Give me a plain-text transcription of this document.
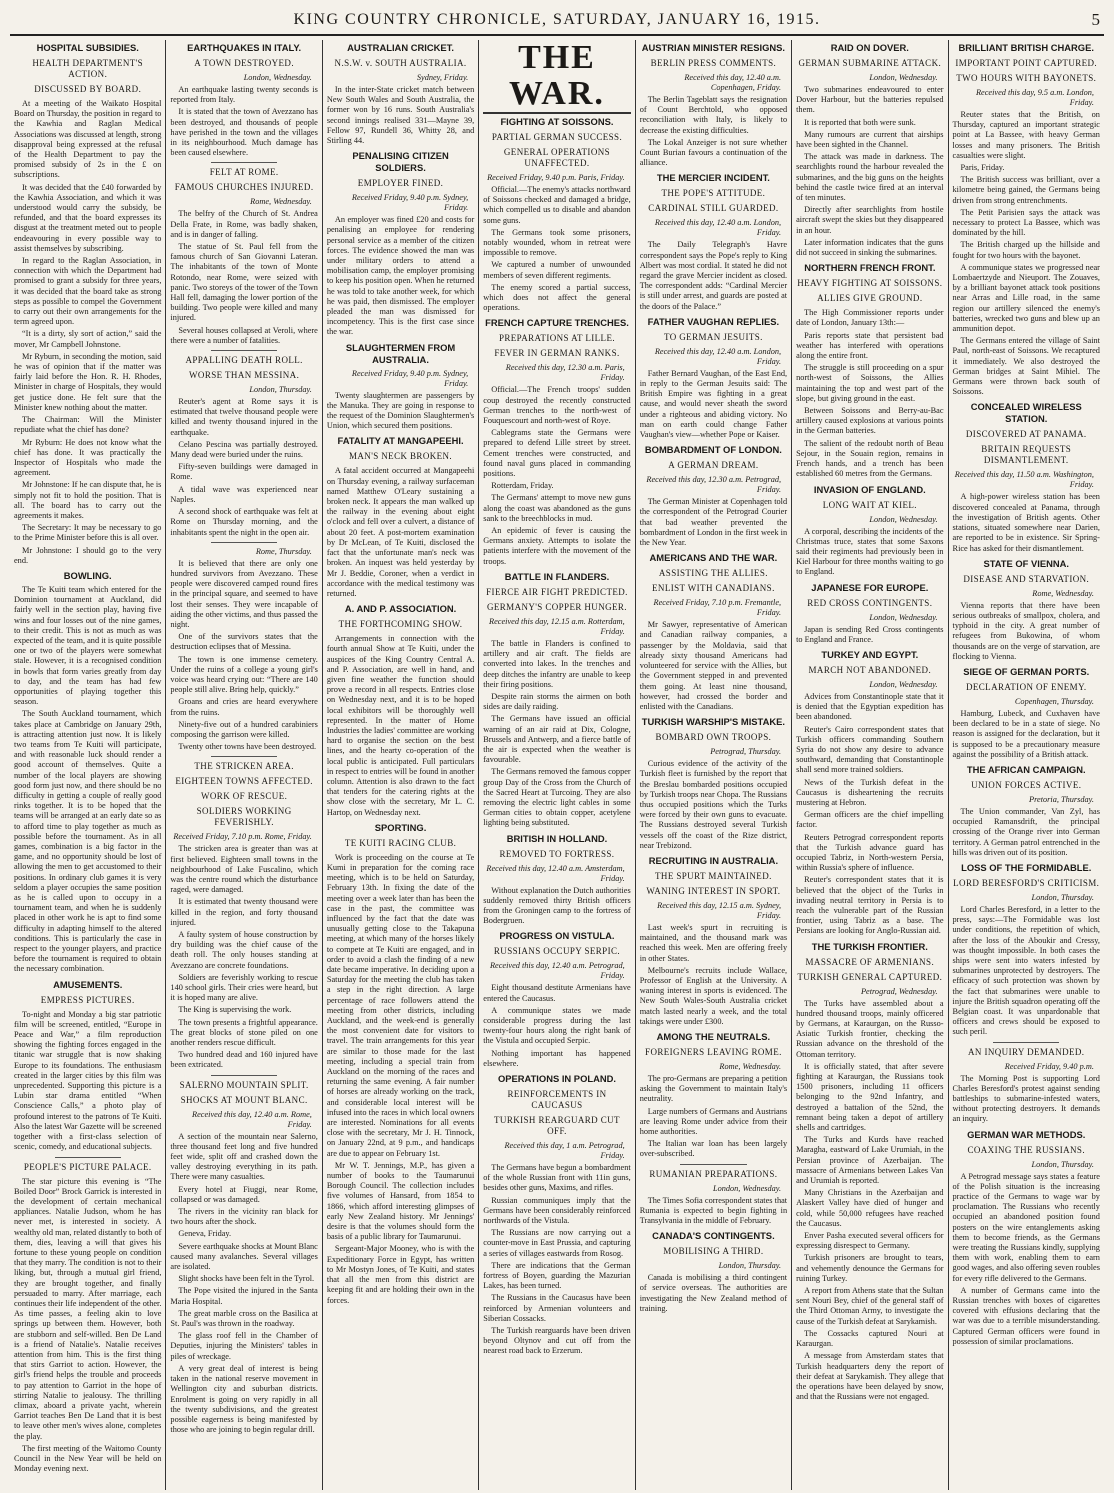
KING COUNTRY CHRONICLE, SATURDAY, JANUARY 16, 1915.	5
HOSPITAL SUBSIDIES.
HEALTH DEPARTMENT'S ACTION.
DISCUSSED BY BOARD.

At a meeting of the Waikato Hospital Board on Thursday, the position in regard to the Kawhia and Raglan Medical Associations was discussed at length, strong disapproval being expressed at the refusal of the Health Department to pay the promised subsidy of 2s in the £ on subscriptions.

It was decided that the £40 forwarded by the Kawhia Association, and which it was understood would carry the subsidy, be refunded, and that the board expresses its disgust at the treatment meted out to people endeavouring in every possible way to assist themselves by subscribing.

In regard to the Raglan Association, in connection with which the Department had promised to grant a subsidy for three years, it was decided that the board take as strong steps as possible to compel the Government to carry out their own arrangements for the term agreed upon.

“It is a dirty, sly sort of action,” said the mover, Mr Campbell Johnstone.

Mr Ryburn, in seconding the motion, said he was of opinion that if the matter was fairly laid before the Hon. R. H. Rhodes, Minister in charge of Hospitals, they would get justice done. He felt sure that the Minister knew nothing about the matter.

The Chairman: Will the Minister repudiate what the chief has done?

Mr Ryburn: He does not know what the chief has done. It was practically the Inspector of Hospitals who made the agreement.

Mr Johnstone: If he can dispute that, he is simply not fit to hold the position. That is all. The board has to carry out the agreements it makes.

The Secretary: It may be necessary to go to the Prime Minister before this is all over.

Mr Johnstone: I should go to the very end.

BOWLING.

The Te Kuiti team which entered for the Dominion tournament at Auckland, did fairly well in the section play, having five wins and four losses out of the nine games, to their credit. This is not as much as was expected of the team, and it is quite possible one or two of the players were somewhat stale. However, it is a recognised condition in bowls that form varies greatly from day to day, and the team has had few opportunities of playing together this season.

The South Auckland tournament, which takes place at Cambridge on January 29th, is attracting attention just now. It is likely two teams from Te Kuiti will participate, and with reasonable luck should render a good account of themselves. Quite a number of the local players are showing good form just now, and there should be no difficulty in getting a couple of really good rinks together. It is to be hoped that the teams will be arranged at an early date so as to afford time to play together as much as possible before the tournament. As in all games, combination is a big factor in the game, and no opportunity should be lost of allowing the men to get accustomed to their positions. In ordinary club games it is very seldom a player occupies the same position as he is called upon to occupy in a tournament team, and when he is suddenly placed in other work he is apt to find some difficulty in adapting himself to the altered conditions. This is particularly the case in respect to the younger players, and practice before the tournament is required to obtain the necessary combination.

AMUSEMENTS.
EMPRESS PICTURES.

To-night and Monday a big star patriotic film will be screened, entitled, “Europe in Peace and War,” a film reproduction showing the fighting forces engaged in the titanic war struggle that is now shaking Europe to its foundations. The enthusiasm created in the larger cities by this film was unprecedented. Supporting this picture is a Lubin star drama entitled “When Conscience Calls,” a photo play of profound interest to the patrons of Te Kuiti. Also the latest War Gazette will be screened together with a first-class selection of scenic, comedy, and educational subjects.

PEOPLE'S PICTURE PALACE.

The star picture this evening is “The Boiled Door” Brock Garrick is interested in the development of certain mechanical appliances. Natalie Judson, whom he has never met, is interested in society. A wealthy old man, related distantly to both of them, dies, leaving a will that gives his fortune to these young people on condition that they marry. The condition is not to their liking, but, through a mutual girl friend, they are brought together, and finally persuaded to marry. After marriage, each continues their life independent of the other. As time passes, a feeling akin to love springs up between them. However, both are stubborn and self-willed. Ben De Land is a friend of Natalie's. Natalie receives attention from him. This is the first thing that stirs Garriot to action. However, the girl's friend helps the trouble and proceeds to pay attention to Garriot in the hope of stirring Natalie to jealousy. The thrilling climax, aboard a private yacht, wherein Garriot teaches Ben De Land that it is best to leave other men's wives alone, completes the play.

The first meeting of the Waitomo County Council in the New Year will be held on Monday evening next.

EARTHQUAKES IN ITALY.
A TOWN DESTROYED.
London, Wednesday.

An earthquake lasting twenty seconds is reported from Italy.

It is stated that the town of Avezzano has been destroyed, and thousands of people have perished in the town and the villages in its neighbourhood. Much damage has been caused elsewhere.

FELT AT ROME.
FAMOUS CHURCHES INJURED.
Rome, Wednesday.

The belfry of the Church of St. Andrea Della Frate, in Rome, was badly shaken, and is in danger of falling.

The statue of St. Paul fell from the famous church of San Giovanni Lateran. The inhabitants of the town of Monte Rotondo, near Rome, were seized with panic. Two storeys of the tower of the Town Hall fell, damaging the lower portion of the building. Two people were killed and many injured.

Several houses collapsed at Veroli, where there were a number of fatalities.

APPALLING DEATH ROLL.
WORSE THAN MESSINA.
London, Thursday.

Reuter's agent at Rome says it is estimated that twelve thousand people were killed and twenty thousand injured in the earthquake.

Celano Pescina was partially destroyed. Many dead were buried under the ruins.

Fifty-seven buildings were damaged in Rome.

A tidal wave was experienced near Naples.

A second shock of earthquake was felt at Rome on Thursday morning, and the inhabitants spent the night in the open air.

Rome, Thursday.

It is believed that there are only one hundred survivors from Avezzano. These people were discovered camped round fires in the principal square, and seemed to have lost their senses. They were incapable of aiding the other victims, and thus passed the night.

One of the survivors states that the destruction eclipses that of Messina.

The town is one immense cemetery. Under the ruins of a college a young girl's voice was heard crying out: “There are 140 people still alive. Bring help, quickly.”

Groans and cries are heard everywhere from the ruins.

Ninety-five out of a hundred carabiniers composing the garrison were killed.

Twenty other towns have been destroyed.

THE STRICKEN AREA.
EIGHTEEN TOWNS AFFECTED.
WORK OF RESCUE.
SOLDIERS WORKING FEVERISHLY.
Received Friday, 7.10 p.m. Rome, Friday.

The stricken area is greater than was at first believed. Eighteen small towns in the neighbourhood of Lake Fuscalino, which was the centre round which the disturbance raged, were damaged.

It is estimated that twenty thousand were killed in the region, and forty thousand injured.

A faulty system of house construction by dry building was the chief cause of the death roll. The only houses standing at Avezzano are concrete foundations.

Soldiers are feverishly working to rescue 140 school girls. Their cries were heard, but it is hoped many are alive.

The King is supervising the work.

The town presents a frightful appearance. The great blocks of stone piled on one another renders rescue difficult.

Two hundred dead and 160 injured have been extricated.

SALERNO MOUNTAIN SPLIT.
SHOCKS AT MOUNT BLANC.
Received this day, 12.40 a.m. Rome, Friday.

A section of the mountain near Salerno, three thousand feet long and five hundred feet wide, split off and crashed down the valley destroying everything in its path. There were many casualties.

Every hotel at Fiuggi, near Rome, collapsed or was damaged.

The rivers in the vicinity ran black for two hours after the shock.

Geneva, Friday.

Severe earthquake shocks at Mount Blanc caused many avalanches. Several villages are isolated.

Slight shocks have been felt in the Tyrol.

The Pope visited the injured in the Santa Maria Hospital.

The great marble cross on the Basilica at St. Paul's was thrown in the roadway.

The glass roof fell in the Chamber of Deputies, injuring the Ministers' tables in piles of wreckage.

A very great deal of interest is being taken in the national reserve movement in Wellington city and suburban districts. Enrolment is going on very rapidly in all the twenty subdivisions, and the greatest possible eagerness is being manifested by those who are joining to begin regular drill.

AUSTRALIAN CRICKET.
N.S.W. v. SOUTH AUSTRALIA.
Sydney, Friday.

In the inter-State cricket match between New South Wales and South Australia, the former won by 16 runs. South Australia's second innings realised 331—Mayne 39, Fellow 97, Rundell 36, Whitty 28, and Stirling 44.

PENALISING CITIZEN SOLDIERS.
EMPLOYER FINED.
Received Friday, 9.40 p.m. Sydney, Friday.

An employer was fined £20 and costs for penalising an employee for rendering personal service as a member of the citizen forces. The evidence showed the man was under military orders to attend a mobilisation camp, the employer promising to keep his position open. When he returned he was told to take another week, for which he was paid, then dismissed. The employer pleaded the man was dismissed for incompetency. This is the first case since the war.

SLAUGHTERMEN FROM AUSTRALIA.
Received Friday, 9.40 p.m. Sydney, Friday.

Twenty slaughtermen are passengers by the Manuka. They are going in response to the request of the Dominion Slaughtermen's Union, which secured them positions.

FATALITY AT MANGAPEEHI.
MAN'S NECK BROKEN.

A fatal accident occurred at Mangapeehi on Thursday evening, a railway surfaceman named Matthew O'Leary sustaining a broken neck. It appears the man walked up the railway in the evening about eight o'clock and fell over a culvert, a distance of about 20 feet. A post-mortem examination by Dr McLean, of Te Kuiti, disclosed the fact that the unfortunate man's neck was broken. An inquest was held yesterday by Mr J. Beddie, Coroner, when a verdict in accordance with the medical testimony was returned.

A. AND P. ASSOCIATION.
THE FORTHCOMING SHOW.

Arrangements in connection with the fourth annual Show at Te Kuiti, under the auspices of the King Country Central A. and P. Association, are well in hand, and given fine weather the function should prove a record in all respects. Entries close on Wednesday next, and it is to be hoped local exhibitors will be thoroughly well represented. In the matter of Home Industries the ladies' committee are working hard to organise the section on the best lines, and the hearty co-operation of the local public is anticipated. Full particulars in respect to entries will be found in another column. Attention is also drawn to the fact that tenders for the catering rights at the show close with the secretary, Mr L. C. Hartop, on Wednesday next.

SPORTING.
TE KUITI RACING CLUB.

Work is proceeding on the course at Te Kumi in preparation for the coming race meeting, which is to be held on Saturday, February 13th. In fixing the date of the meeting over a week later than has been the case in the past, the committee was influenced by the fact that the date was unusually getting close to the Takapuna meeting, at which many of the horses likely to compete at Te Kuiti are engaged, and in order to avoid a clash the finding of a new date became imperative. In deciding upon a Saturday for the meeting the club has taken a step in the right direction. A large percentage of race followers attend the meeting from other districts, including Auckland, and the week-end is generally the most convenient date for visitors to travel. The train arrangements for this year are similar to those made for the last meeting, including a special train from Auckland on the morning of the races and returning the same evening. A fair number of horses are already working on the track, and considerable local interest will be infused into the races in which local owners are interested. Nominations for all events close with the secretary, Mr J. H. Tinnock, on January 22nd, at 9 p.m., and handicaps are due to appear on February 1st.

Mr W. T. Jennings, M.P., has given a number of books to the Taumarunui Borough Council. The collection includes five volumes of Hansard, from 1854 to 1866, which afford interesting glimpses of early New Zealand history. Mr Jennings' desire is that the volumes should form the basis of a public library for Taumarunui.

Sergeant-Major Mooney, who is with the Expeditionary Force in Egypt, has written to Mr Mostyn Jones, of Te Kuiti, and states that all the men from this district are keeping fit and are holding their own in the forces.

THE WAR.
FIGHTING AT SOISSONS.
PARTIAL GERMAN SUCCESS.
GENERAL OPERATIONS UNAFFECTED.
Received Friday, 9.40 p.m. Paris, Friday.

Official.—The enemy's attacks northward of Soissons checked and damaged a bridge, which compelled us to disable and abandon some guns.

The Germans took some prisoners, notably wounded, whom in retreat were impossible to remove.

We captured a number of unwounded members of seven different regiments.

The enemy scored a partial success, which does not affect the general operations.

FRENCH CAPTURE TRENCHES.
PREPARATIONS AT LILLE.
FEVER IN GERMAN RANKS.
Received this day, 12.30 a.m. Paris, Friday.

Official.—The French troops' sudden coup destroyed the recently constructed German trenches to the north-west of Fouquescourt and north-west of Roye.

Cablegrams state the Germans were prepared to defend Lille street by street. Cement trenches were constructed, and found naval guns placed in commanding positions.

Rotterdam, Friday.

The Germans' attempt to move new guns along the coast was abandoned as the guns sank to the breechblocks in mud.

An epidemic of fever is causing the Germans anxiety. Attempts to isolate the patients interfere with the movement of the troops.

BATTLE IN FLANDERS.
FIERCE AIR FIGHT PREDICTED.
GERMANY'S COPPER HUNGER.
Received this day, 12.15 a.m. Rotterdam, Friday.

The battle in Flanders is confined to artillery and air craft. The fields are converted into lakes. In the trenches and deep ditches the infantry are unable to keep their firing positions.

Despite rain storms the airmen on both sides are daily raiding.

The Germans have issued an official warning of an air raid at Dix, Cologne, Brussels and Antwerp, and a fierce battle of the air is expected when the weather is favourable.

The Germans removed the famous copper group Day of the Cross from the Church of the Sacred Heart at Turcoing. They are also removing the electric light cables in some German cities to obtain copper, acetylene lighting being substituted.

BRITISH IN HOLLAND.
REMOVED TO FORTRESS.
Received this day, 12.40 a.m. Amsterdam, Friday.

Without explanation the Dutch authorities suddenly removed thirty British officers from the Groningen camp to the fortress of Bodergruen.

PROGRESS ON VISTULA.
RUSSIANS OCCUPY SERPIC.
Received this day, 12.40 a.m. Petrograd, Friday.

Eight thousand destitute Armenians have entered the Caucasus.

A communique states we made considerable progress during the last twenty-four hours along the right bank of the Vistula and occupied Serpic.

Nothing important has happened elsewhere.

OPERATIONS IN POLAND.
REINFORCEMENTS IN CAUCASUS
TURKISH REARGUARD CUT OFF.
Received this day, 1 a.m. Petrograd, Friday.

The Germans have begun a bombardment of the whole Russian front with 11in guns, besides other guns, Maxims, and rifles.

Russian communiques imply that the Germans have been considerably reinforced northwards of the Vistula.

The Russians are now carrying out a counter-move in East Prussia, and capturing a series of villages eastwards from Rosog.

There are indications that the German fortress of Boyen, guarding the Mazurian Lakes, has been turned.

The Russians in the Caucasus have been reinforced by Armenian volunteers and Siberian Cossacks.

The Turkish rearguards have been driven beyond Oltynov and cut off from the nearest road back to Erzerum.

AUSTRIAN MINISTER RESIGNS.
BERLIN PRESS COMMENTS.
Received this day, 12.40 a.m. Copenhagen, Friday.

The Berlin Tageblatt says the resignation of Count Berchtold, who opposed reconciliation with Italy, is likely to decrease the existing difficulties.

The Lokal Anzeiger is not sure whether Count Burian favours a continuation of the alliance.

THE MERCIER INCIDENT.
THE POPE'S ATTITUDE.
CARDINAL STILL GUARDED.
Received this day, 12.40 a.m. London, Friday.

The Daily Telegraph's Havre correspondent says the Pope's reply to King Albert was most cordial. It stated he did not regard the grave Mercier incident as closed. The correspondent adds: “Cardinal Mercier is still under arrest, and guards are posted at the doors of the Palace.”

FATHER VAUGHAN REPLIES.
TO GERMAN JESUITS.
Received this day, 12.40 a.m. London, Friday.

Father Bernard Vaughan, of the East End, in reply to the German Jesuits said: The British Empire was fighting in a great cause, and would never sheath the sword under a righteous and abiding victory. No man on earth could change Father Vaughan's view—whether Pope or Kaiser.

BOMBARDMENT OF LONDON.
A GERMAN DREAM.
Received this day, 12.30 a.m. Petrograd, Friday.

The German Minister at Copenhagen told the correspondent of the Petrograd Courier that bad weather prevented the bombardment of London in the first week in the New Year.

AMERICANS AND THE WAR.
ASSISTING THE ALLIES.
ENLIST WITH CANADIANS.
Received Friday, 7.10 p.m. Fremantle, Friday.

Mr Sawyer, representative of American and Canadian railway companies, a passenger by the Moldavia, said that already sixty thousand Americans had volunteered for service with the Allies, but the Government stepped in and prevented them going. At least nine thousand, however, had crossed the border and enlisted with the Canadians.

TURKISH WARSHIP'S MISTAKE.
BOMBARD OWN TROOPS.
Petrograd, Thursday.

Curious evidence of the activity of the Turkish fleet is furnished by the report that the Breslau bombarded positions occupied by Turkish troops near Chopa. The Russians thus occupied positions which the Turks were forced by their own guns to evacuate. The Russians destroyed several Turkish vessels off the coast of the Rize district, near Trebizond.

RECRUITING IN AUSTRALIA.
THE SPURT MAINTAINED.
WANING INTEREST IN SPORT.
Received this day, 12.15 a.m. Sydney, Friday.

Last week's spurt in recruiting is maintained, and the thousand mark was reached this week. Men are offering freely in other States.

Melbourne's recruits include Wallace, Professor of English at the University. A waning interest in sports is evidenced. The New South Wales-South Australia cricket match lasted nearly a week, and the total takings were under £300.

AMONG THE NEUTRALS.
FOREIGNERS LEAVING ROME.
Rome, Wednesday.

The pro-Germans are preparing a petition asking the Government to maintain Italy's neutrality.

Large numbers of Germans and Austrians are leaving Rome under advice from their home authorities.

The Italian war loan has been largely over-subscribed.

RUMANIAN PREPARATIONS.
London, Wednesday.

The Times Sofia correspondent states that Rumania is expected to begin fighting in Transylvania in the middle of February.

CANADA'S CONTINGENTS.
MOBILISING A THIRD.
London, Thursday.

Canada is mobilising a third contingent of service overseas. The authorities are investigating the New Zealand method of training.

RAID ON DOVER.
GERMAN SUBMARINE ATTACK.
London, Wednesday.

Two submarines endeavoured to enter Dover Harbour, but the batteries repulsed them.

It is reported that both were sunk.

Many rumours are current that airships have been sighted in the Channel.

The attack was made in darkness. The searchlights round the harbour revealed the submarines, and the big guns on the heights behind the castle twice fired at an interval of ten minutes.

Directly after searchlights from hostile aircraft swept the skies but they disappeared in an hour.

Later information indicates that the guns did not succeed in sinking the submarines.

NORTHERN FRENCH FRONT.
HEAVY FIGHTING AT SOISSONS.
ALLIES GIVE GROUND.

The High Commissioner reports under date of London, January 13th:—

Paris reports state that persistent bad weather has interfered with operations along the entire front.

The struggle is still proceeding on a spur north-west of Soissons, the Allies maintaining the top and west part of the slope, but giving ground in the east.

Between Soissons and Berry-au-Bac artillery caused explosions at various points in the German batteries.

The salient of the redoubt north of Beau Sejour, in the Souain region, remains in French hands, and a trench has been established 60 metres from the Germans.

INVASION OF ENGLAND.
LONG WAIT AT KIEL.
London, Wednesday.

A corporal, describing the incidents of the Christmas truce, states that some Saxons said their regiments had previously been in Kiel Harbour for three months waiting to go to England.

JAPANESE FOR EUROPE.
RED CROSS CONTINGENTS.
London, Wednesday.

Japan is sending Red Cross contingents to England and France.

TURKEY AND EGYPT.
MARCH NOT ABANDONED.
London, Wednesday.

Advices from Constantinople state that it is denied that the Egyptian expedition has been abandoned.

Reuter's Cairo correspondent states that Turkish officers commanding Southern Syria do not show any desire to advance southward, demanding that Constantinople shall send more trained soldiers.

News of the Turkish defeat in the Caucasus is disheartening the recruits mustering at Hebron.

German officers are the chief impelling factor.

Reuters Petrograd correspondent reports that the Turkish advance guard has occupied Tabriz, in North-western Persia, within Russia's sphere of influence.

Reuter's correspondent states that it is believed that the object of the Turks in invading neutral territory in Persia is to reach the vulnerable part of the Russian frontier, using Tabriz as a base. The Persians are looking for Anglo-Russian aid.

THE TURKISH FRONTIER.
MASSACRE OF ARMENIANS.
TURKISH GENERAL CAPTURED.
Petrograd, Wednesday.

The Turks have assembled about a hundred thousand troops, mainly officered by Germans, at Karaurgan, on the Russo-Asiatic Turkish frontier, checking the Russian advance on the threshold of the Ottoman territory.

It is officially stated, that after severe fighting at Karaurgan, the Russians took 1500 prisoners, including 11 officers belonging to the 92nd Infantry, and destroyed a battalion of the 52nd, the remnant being taken a depot of artillery shells and cartridges.

The Turks and Kurds have reached Maragha, eastward of Lake Urumiah, in the Persian province of Azerbaijan. The massacre of Armenians between Lakes Van and Urumiah is reported.

Many Christians in the Azerbaijan and Alaskert Valley have died of hunger and cold, while 50,000 refugees have reached the Caucasus.

Enver Pasha executed several officers for expressing disrespect to Germany.

Turkish prisoners are brought to tears, and vehemently denounce the Germans for ruining Turkey.

A report from Athens state that the Sultan sent Nouri Bey, chief of the general staff of the Third Ottoman Army, to investigate the cause of the Turkish defeat at Sarykamish.

The Cossacks captured Nouri at Karaurgan.

A message from Amsterdam states that Turkish headquarters deny the report of their defeat at Sarykamish. They allege that the operations have been delayed by snow, and that the Russians were not engaged.

BRILLIANT BRITISH CHARGE.
IMPORTANT POINT CAPTURED.
TWO HOURS WITH BAYONETS.
Received this day, 9.5 a.m. London, Friday.

Reuter states that the British, on Thursday, captured an important strategic point at La Bassee, with heavy German losses and many prisoners. The British casualties were slight.

Paris, Friday.

The British success was brilliant, over a kilometre being gained, the Germans being driven from strong entrenchments.

The Petit Parisien says the attack was necessary to protect La Bassee, which was dominated by the hill.

The British charged up the hillside and fought for two hours with the bayonet.

A communique states we progressed near Lombaertzyde and Nieuport. The Zouaves, by a brilliant bayonet attack took positions near Arras and Lille road, in the same region our artillery silenced the enemy's batteries, wrecked two guns and blew up an ammunition depot.

The Germans entered the village of Saint Paul, north-east of Soissons. We recaptured it immediately. We also destroyed the German bridges at Saint Mihiel. The Germans were thrown back south of Soissons.

CONCEALED WIRELESS STATION.
DISCOVERED AT PANAMA.
BRITAIN REQUESTS DISMANTLEMENT.
Received this day, 11.50 a.m. Washington, Friday.

A high-power wireless station has been discovered concealed at Panama, through the investigation of British agents. Other stations, situated somewhere near Darien, are reported to be in existence. Sir Spring-Rice has asked for their dismantlement.

STATE OF VIENNA.
DISEASE AND STARVATION.
Rome, Wednesday.

Vienna reports that there have been serious outbreaks of smallpox, cholera, and typhoid in the city. A great number of refugees from Bukowina, of whom thousands are on the verge of starvation, are flocking to Vienna.

SIEGE OF GERMAN PORTS.
DECLARATION OF ENEMY.
Copenhagen, Thursday.

Hamburg, Lubeck, and Cuxhaven have been declared to be in a state of siege. No reason is assigned for the declaration, but it is supposed to be a precautionary measure against the possibility of a British attack.

THE AFRICAN CAMPAIGN.
UNION FORCES ACTIVE.
Pretoria, Thursday.

The Union commander, Van Zyl, has occupied Ramansdrift, the principal crossing of the Orange river into German territory. A German patrol entrenched in the hills was driven out of its position.

LOSS OF THE FORMIDABLE.
LORD BERESFORD'S CRITICISM.
London, Thursday.

Lord Charles Beresford, in a letter to the press, says:—The Formidable was lost under conditions, the repetition of which, after the loss of the Aboukir and Cressy, was thought impossible. In both cases the ships were sent into waters infested by submarines unprotected by destroyers. The efficacy of such protection was shown by the fact that submarines were unable to injure the British squadron operating off the Belgian coast. It was unpardonable that officers and crews should be exposed to such peril.

AN INQUIRY DEMANDED.
Received Friday, 9.40 p.m.

The Morning Post is supporting Lord Charles Beresford's protest against sending battleships to submarine-infested waters, without protecting destroyers. It demands an inquiry.

GERMAN WAR METHODS.
COAXING THE RUSSIANS.
London, Thursday.

A Petrograd message says states a feature of the Polish situation is the increasing practice of the Germans to wage war by proclamation. The Russians who recently occupied an abandoned position found posters on the wire entanglements asking them to become friends, as the Germans were treating the Russians kindly, supplying them with work, enabling them to earn good wages, and also offering seven roubles for every rifle delivered to the Germans.

A number of Germans came into the Russian trenches with boxes of cigarettes covered with effusions declaring that the war was due to a terrible misunderstanding. Captured German officers were found in possession of similar proclamations.
